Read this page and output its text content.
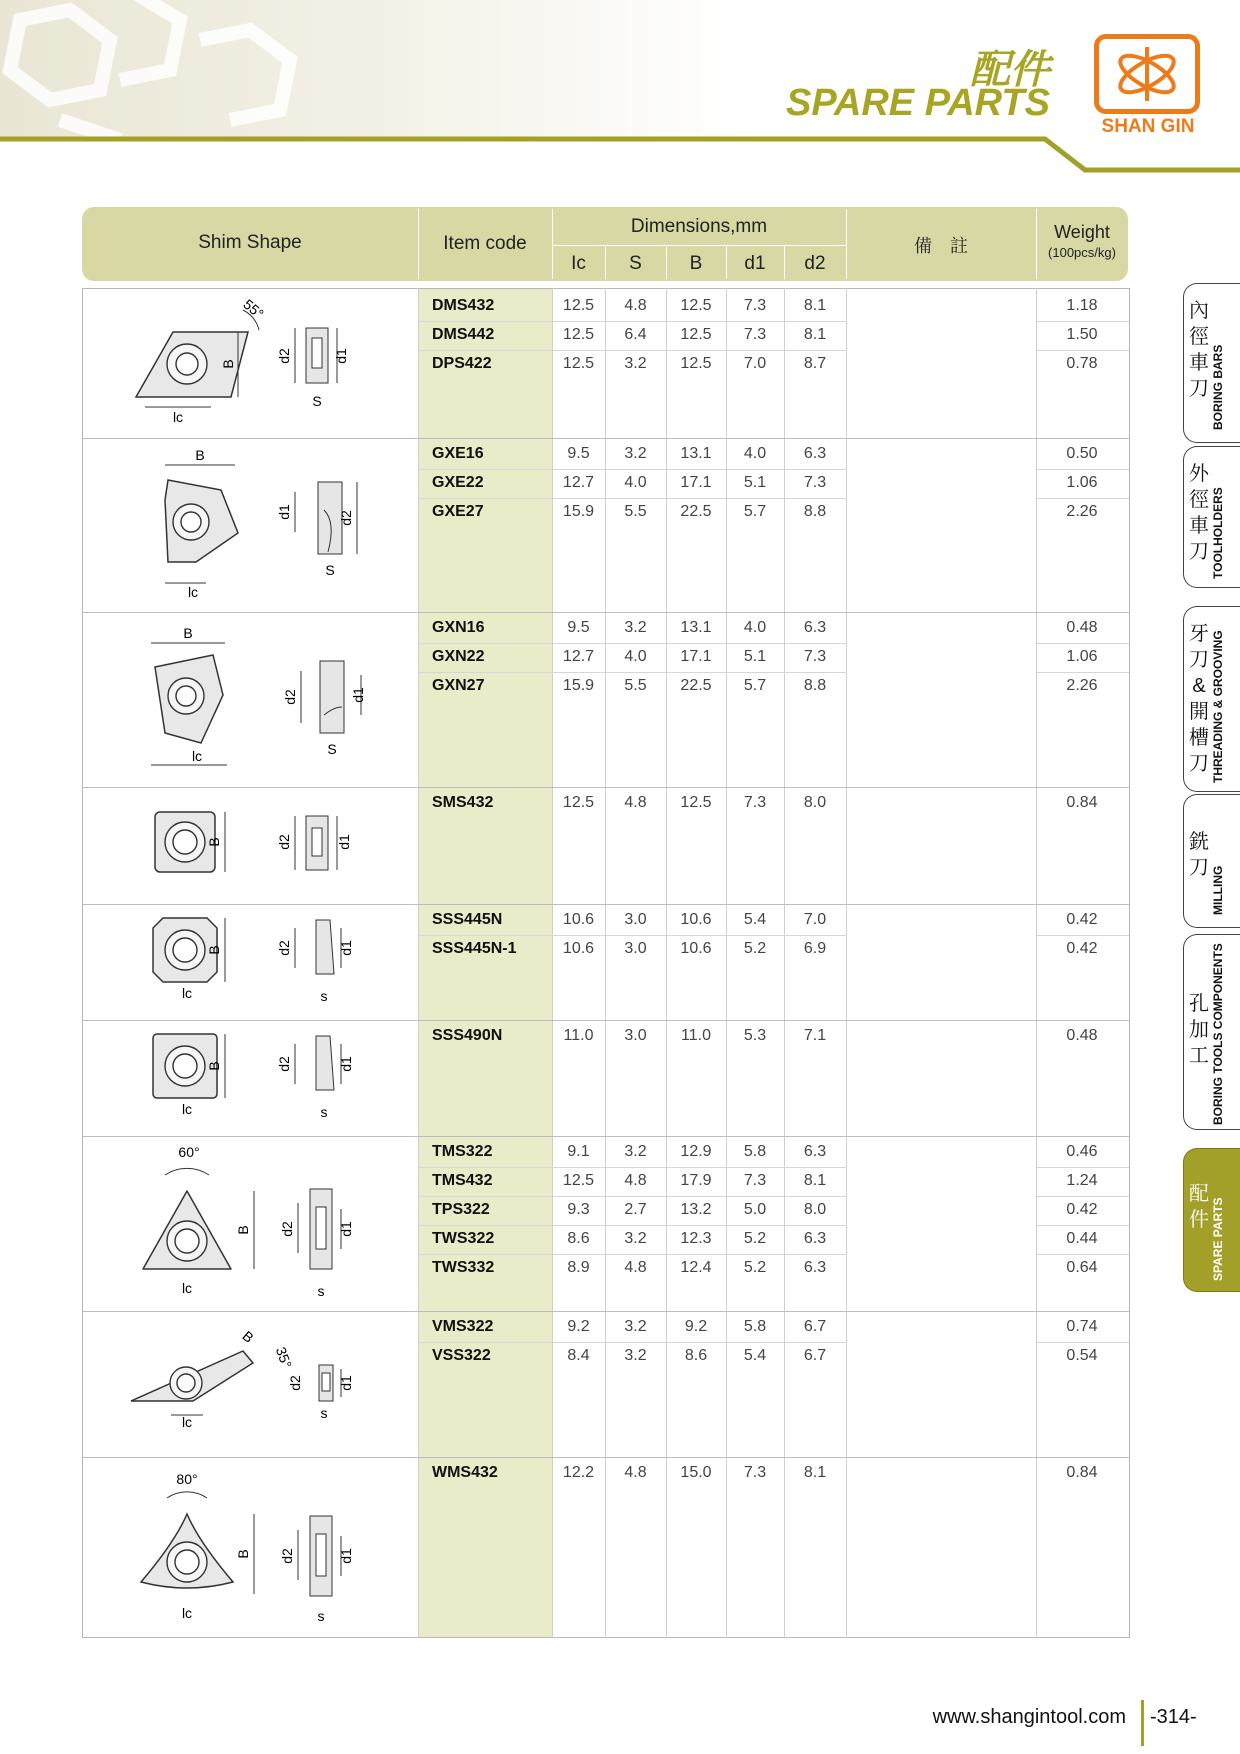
配件
SPARE PARTS
SHAN GIN
Shim Shape	Item code
Dimensions,mm
Ic	S	B	d1	d2
備　註
Weight
(100pcs/kg)
DMS432	12.5	4.8	12.5	7.3	8.1	1.18
DMS442	12.5	6.4	12.5	7.3	8.1	1.50
DPS422	12.5	3.2	12.5	7.0	8.7	0.78
GXE16	9.5	3.2	13.1	4.0	6.3	0.50
GXE22	12.7	4.0	17.1	5.1	7.3	1.06
GXE27	15.9	5.5	22.5	5.7	8.8	2.26
GXN16	9.5	3.2	13.1	4.0	6.3	0.48
GXN22	12.7	4.0	17.1	5.1	7.3	1.06
GXN27	15.9	5.5	22.5	5.7	8.8	2.26
SMS432	12.5	4.8	12.5	7.3	8.0	0.84
SSS445N	10.6	3.0	10.6	5.4	7.0	0.42
SSS445N-1	10.6	3.0	10.6	5.2	6.9	0.42
SSS490N	11.0	3.0	11.0	5.3	7.1	0.48
TMS322	9.1	3.2	12.9	5.8	6.3	0.46
TMS432	12.5	4.8	17.9	7.3	8.1	1.24
TPS322	9.3	2.7	13.2	5.0	8.0	0.42
TWS322	8.6	3.2	12.3	5.2	6.3	0.44
TWS332	8.9	4.8	12.4	5.2	6.3	0.64
VMS322	9.2	3.2	9.2	5.8	6.7	0.74
VSS322	8.4	3.2	8.6	5.4	6.7	0.54
WMS432	12.2	4.8	15.0	7.3	8.1	0.84
55°
B
lc
d2	d1
S
B
lc
d1	d2
S
B
lc
d2	d1
S
B	d2	d1
B
lc
d2	d1
s
B
lc
d2	d1
s
60°
B
lc
d2	d1
s
B
35°
lc
d2	d1
s
80°
B
lc
d2	d1
s
內徑車刀 BORING BARS
外徑車刀 TOOLHOLDERS
牙刀&開槽刀 THREADING & GROOVING
銑刀 MILLING
孔加工 BORING TOOLS COMPONENTS
配件 SPARE PARTS
www.shangintool.com -314-
